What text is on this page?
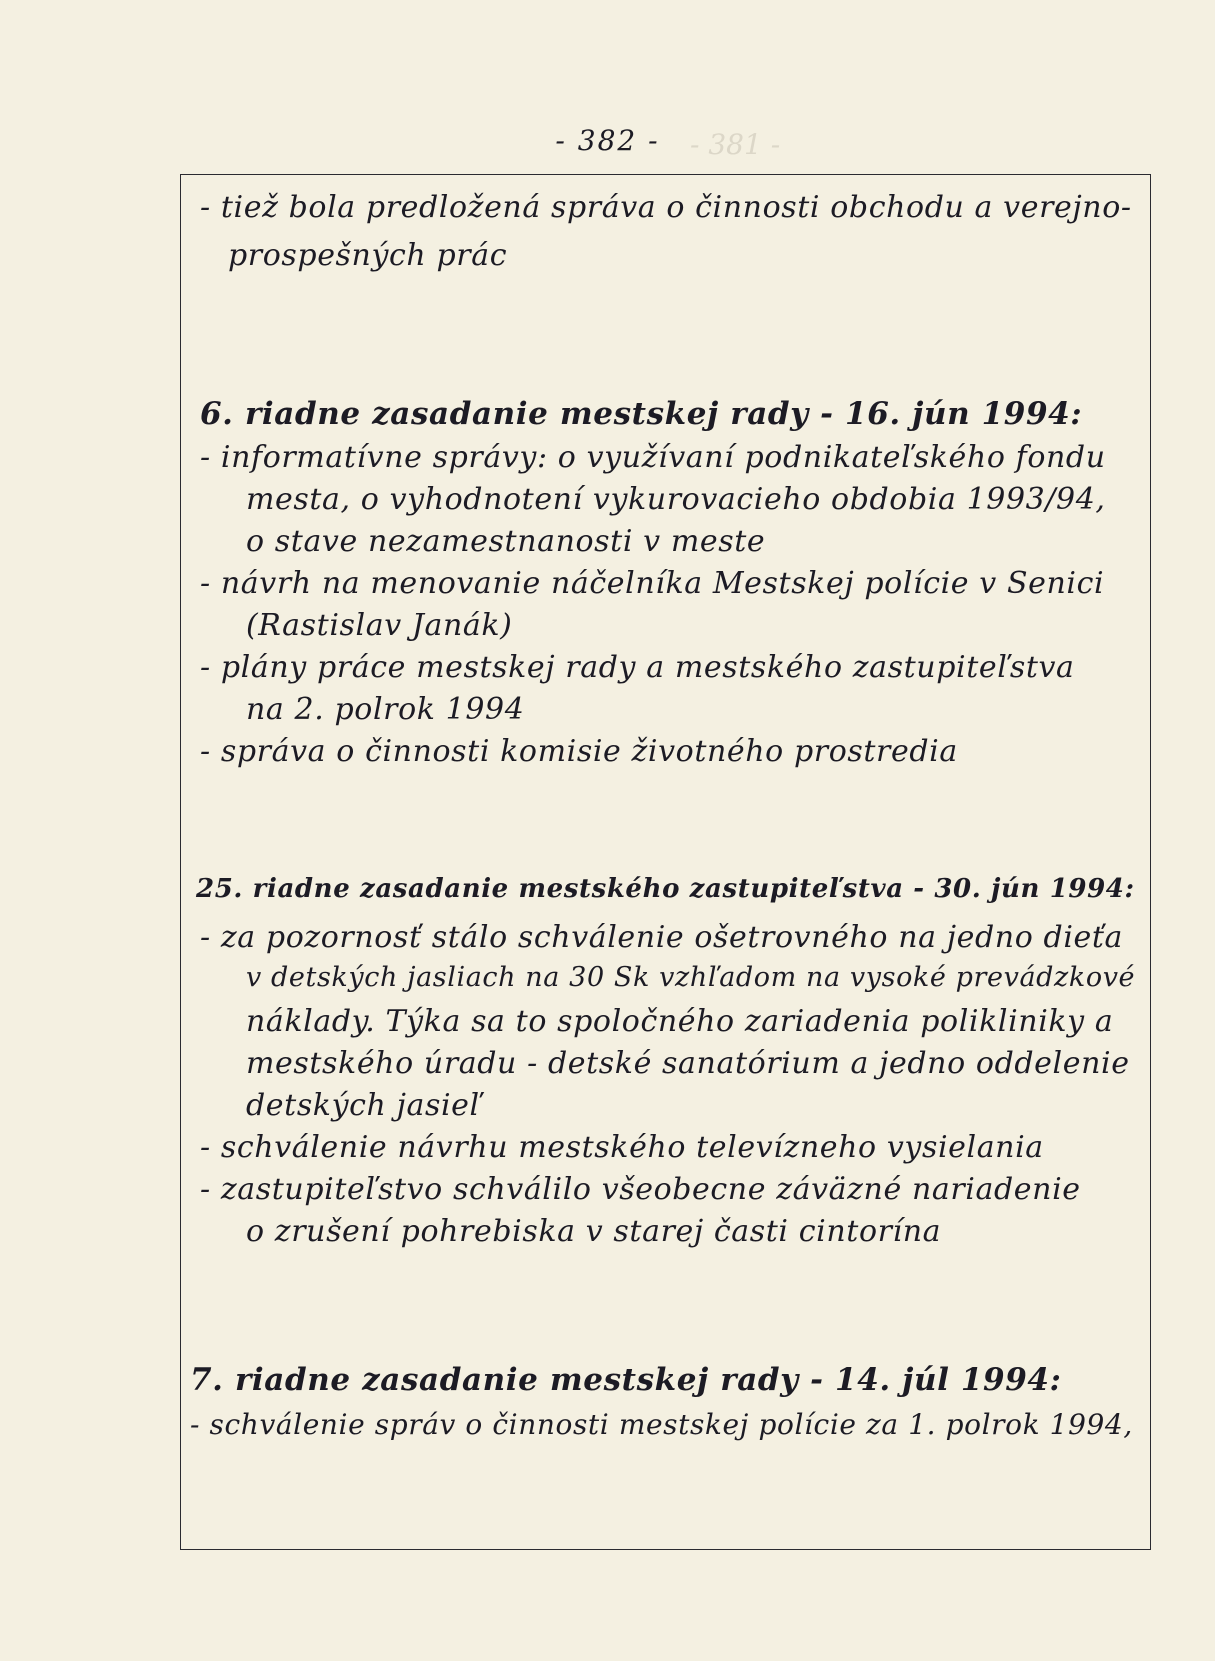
- 382 -	- 381 -
- tiež bola predložená správa o činnosti obchodu a verejno-
prospešných prác
6. riadne zasadanie mestskej rady - 16. jún 1994:
- informatívne správy: o využívaní podnikateľského fondu
mesta, o vyhodnotení vykurovacieho obdobia 1993/94,
o stave nezamestnanosti v meste
- návrh na menovanie náčelníka Mestskej polície v Senici
(Rastislav Janák)
- plány práce mestskej rady a mestského zastupiteľstva
na 2. polrok 1994
- správa o činnosti komisie životného prostredia
25. riadne zasadanie mestského zastupiteľstva - 30. jún 1994:
- za pozornosť stálo schválenie ošetrovného na jedno dieťa
v detských jasliach na 30 Sk vzhľadom na vysoké prevádzkové
náklady. Týka sa to spoločného zariadenia polikliniky a
mestského úradu - detské sanatórium a jedno oddelenie
detských jasieľ
- schválenie návrhu mestského televízneho vysielania
- zastupiteľstvo schválilo všeobecne záväzné nariadenie
o zrušení pohrebiska v starej časti cintorína
7. riadne zasadanie mestskej rady - 14. júl 1994:
- schválenie správ o činnosti mestskej polície za 1. polrok 1994,
